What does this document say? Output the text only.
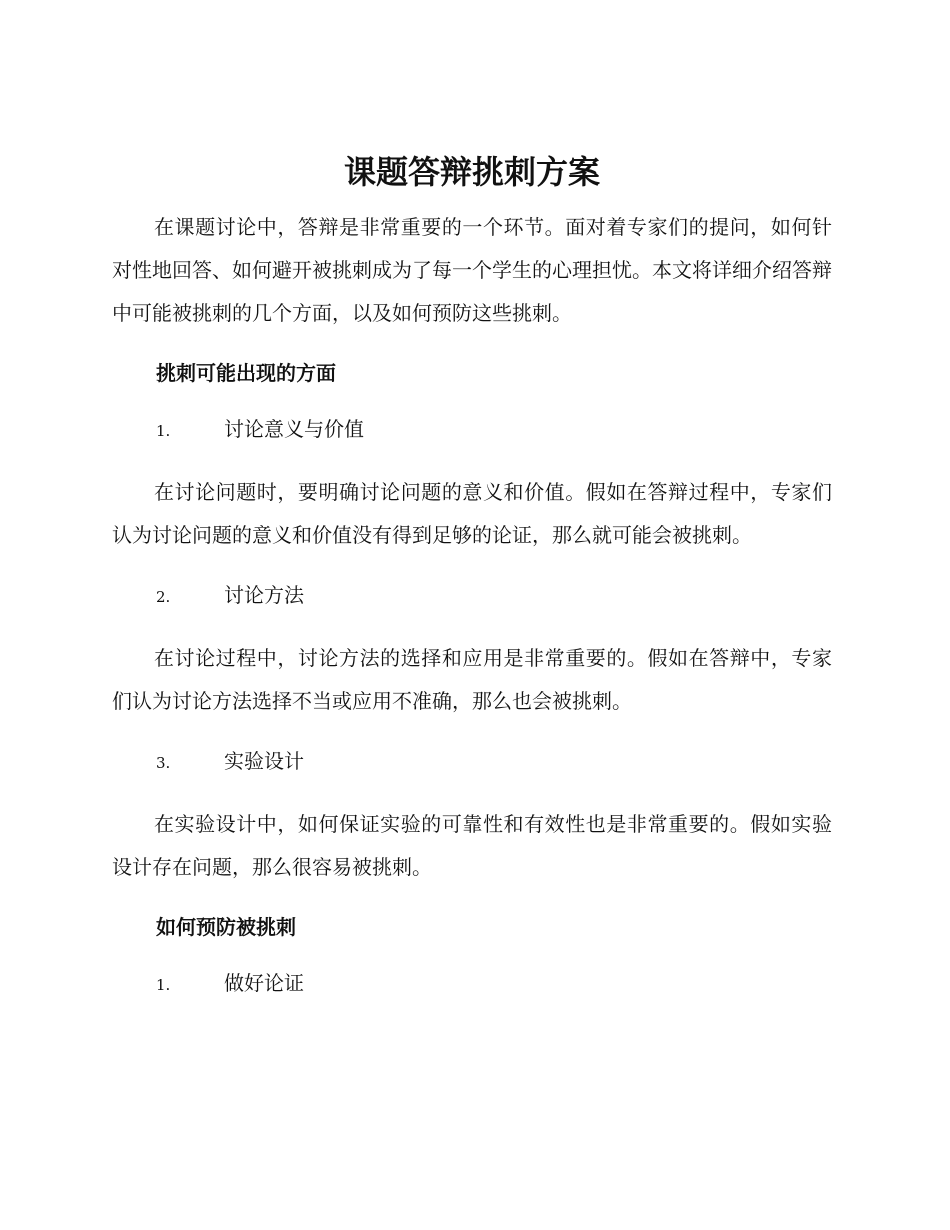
课题答辩挑刺方案

在课题讨论中，答辩是非常重要的一个环节。面对着专家们的提问，如何针对性地回答、如何避开被挑刺成为了每一个学生的心理担忧。本文将详细介绍答辩中可能被挑刺的几个方面，以及如何预防这些挑刺。

挑刺可能出现的方面
1.	讨论意义与价值

在讨论问题时，要明确讨论问题的意义和价值。假如在答辩过程中，专家们认为讨论问题的意义和价值没有得到足够的论证，那么就可能会被挑刺。

2.	讨论方法

在讨论过程中，讨论方法的选择和应用是非常重要的。假如在答辩中，专家们认为讨论方法选择不当或应用不准确，那么也会被挑刺。

3.	实验设计

在实验设计中，如何保证实验的可靠性和有效性也是非常重要的。假如实验设计存在问题，那么很容易被挑刺。

如何预防被挑刺
1.	做好论证
